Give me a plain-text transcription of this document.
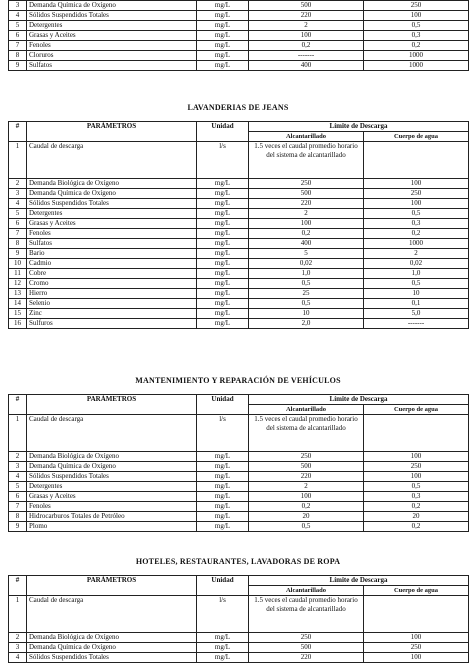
3	Demanda Química de Oxígeno	mg/L	500	250
4	Sólidos Suspendidos Totales	mg/L	220	100
5	Detergentes	mg/L	2	0,5
6	Grasas y Aceites	mg/L	100	0,3
7	Fenoles	mg/L	0,2	0,2
8	Cloruros	mg/L	-------	1000
9	Sulfatos	mg/L	400	1000
LAVANDERIAS DE JEANS
#	PARÁMETROS	Unidad	Límite de Descarga	
			Alcantarillado	Cuerpo de agua
1	Caudal de descarga	l/s	1.5 veces el caudal promedio horario del sistema de alcantarillado	
2	Demanda Biológica de Oxígeno	mg/L	250	100
3	Demanda Química de Oxígeno	mg/L	500	250
4	Sólidos Suspendidos Totales	mg/L	220	100
5	Detergentes	mg/L	2	0,5
6	Grasas y Aceites	mg/L	100	0,3
7	Fenoles	mg/L	0,2	0,2
8	Sulfatos	mg/L	400	1000
9	Bario	mg/L	5	2
10	Cadmio	mg/L	0,02	0,02
11	Cobre	mg/L	1,0	1,0
12	Cromo	mg/L	0,5	0,5
13	Hierro	mg/L	25	10
14	Selenio	mg/L	0,5	0,1
15	Zinc	mg/L	10	5,0
16	Sulfuros	mg/L	2,0	-------
MANTENIMIENTO Y REPARACIÓN DE VEHÍCULOS
#	PARÁMETROS	Unidad	Límite de Descarga	
			Alcantarillado	Cuerpo de agua
1	Caudal de descarga	l/s	1.5 veces el caudal promedio horario del sistema de alcantarillado	
2	Demanda Biológica de Oxígeno	mg/L	250	100
3	Demanda Química de Oxígeno	mg/L	500	250
4	Sólidos Suspendidos Totales	mg/L	220	100
5	Detergentes	mg/L	2	0,5
6	Grasas y Aceites	mg/L	100	0,3
7	Fenoles	mg/L	0,2	0,2
8	Hidrocarburos Totales de Petróleo	mg/L	20	20
9	Plomo	mg/L	0,5	0,2
HOTELES, RESTAURANTES, LAVADORAS DE ROPA
#	PARÁMETROS	Unidad	Límite de Descarga	
			Alcantarillado	Cuerpo de agua
1	Caudal de descarga	l/s	1.5 veces el caudal promedio horario del sistema de alcantarillado	
2	Demanda Biológica de Oxígeno	mg/L	250	100
3	Demanda Química de Oxígeno	mg/L	500	250
4	Sólidos Suspendidos Totales	mg/L	220	100
